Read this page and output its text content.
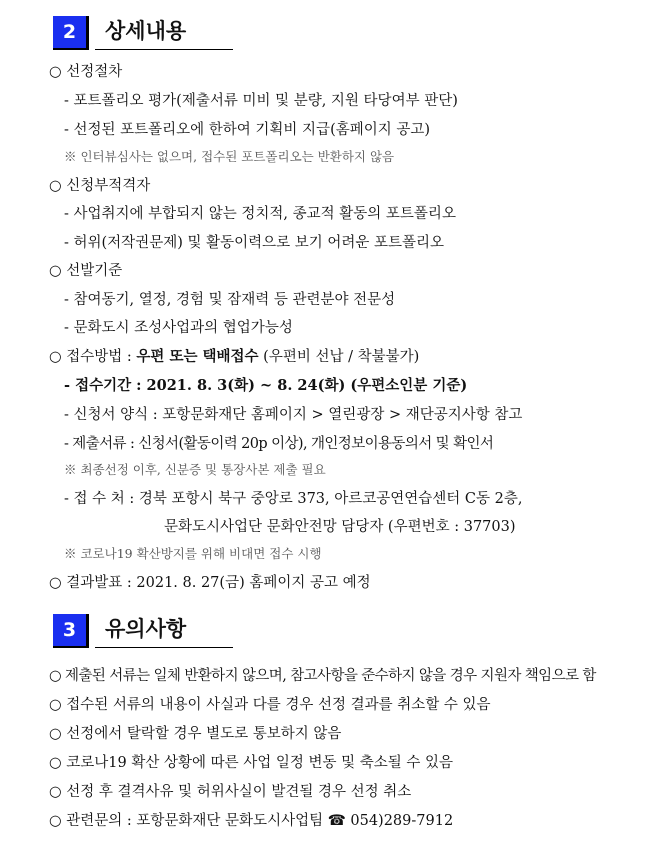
2	상세내용
○ 선정절차
- 포트폴리오 평가(제출서류 미비 및 분량, 지원 타당여부 판단)
- 선정된 포트폴리오에 한하여 기획비 지급(홈페이지 공고)
※ 인터뷰심사는 없으며, 접수된 포트폴리오는 반환하지 않음
○ 신청부적격자
- 사업취지에 부합되지 않는 정치적, 종교적 활동의 포트폴리오
- 허위(저작권문제) 및 활동이력으로 보기 어려운 포트폴리오
○ 선발기준
- 참여동기, 열정, 경험 및 잠재력 등 관련분야 전문성
- 문화도시 조성사업과의 협업가능성
○ 접수방법 : 우편 또는 택배접수 (우편비 선납 / 착불불가)
- 접수기간 : 2021. 8. 3(화) ~ 8. 24(화) (우편소인분 기준)
- 신청서 양식 : 포항문화재단 홈페이지 > 열린광장 > 재단공지사항 참고
- 제출서류 : 신청서(활동이력 20p 이상), 개인정보이용동의서 및 확인서
※ 최종선정 이후, 신분증 및 통장사본 제출 필요
- 접 수 처 : 경북 포항시 북구 중앙로 373, 아르코공연연습센터 C동 2층,
문화도시사업단 문화안전망 담당자 (우편번호 : 37703)
※ 코로나19 확산방지를 위해 비대면 접수 시행
○ 결과발표 : 2021. 8. 27(금) 홈페이지 공고 예정
3	유의사항
○ 제출된 서류는 일체 반환하지 않으며, 참고사항을 준수하지 않을 경우 지원자 책임으로 함
○ 접수된 서류의 내용이 사실과 다를 경우 선정 결과를 취소할 수 있음
○ 선정에서 탈락할 경우 별도로 통보하지 않음
○ 코로나19 확산 상황에 따른 사업 일정 변동 및 축소될 수 있음
○ 선정 후 결격사유 및 허위사실이 발견될 경우 선정 취소
○ 관련문의 : 포항문화재단 문화도시사업팀 ☎ 054)289-7912
